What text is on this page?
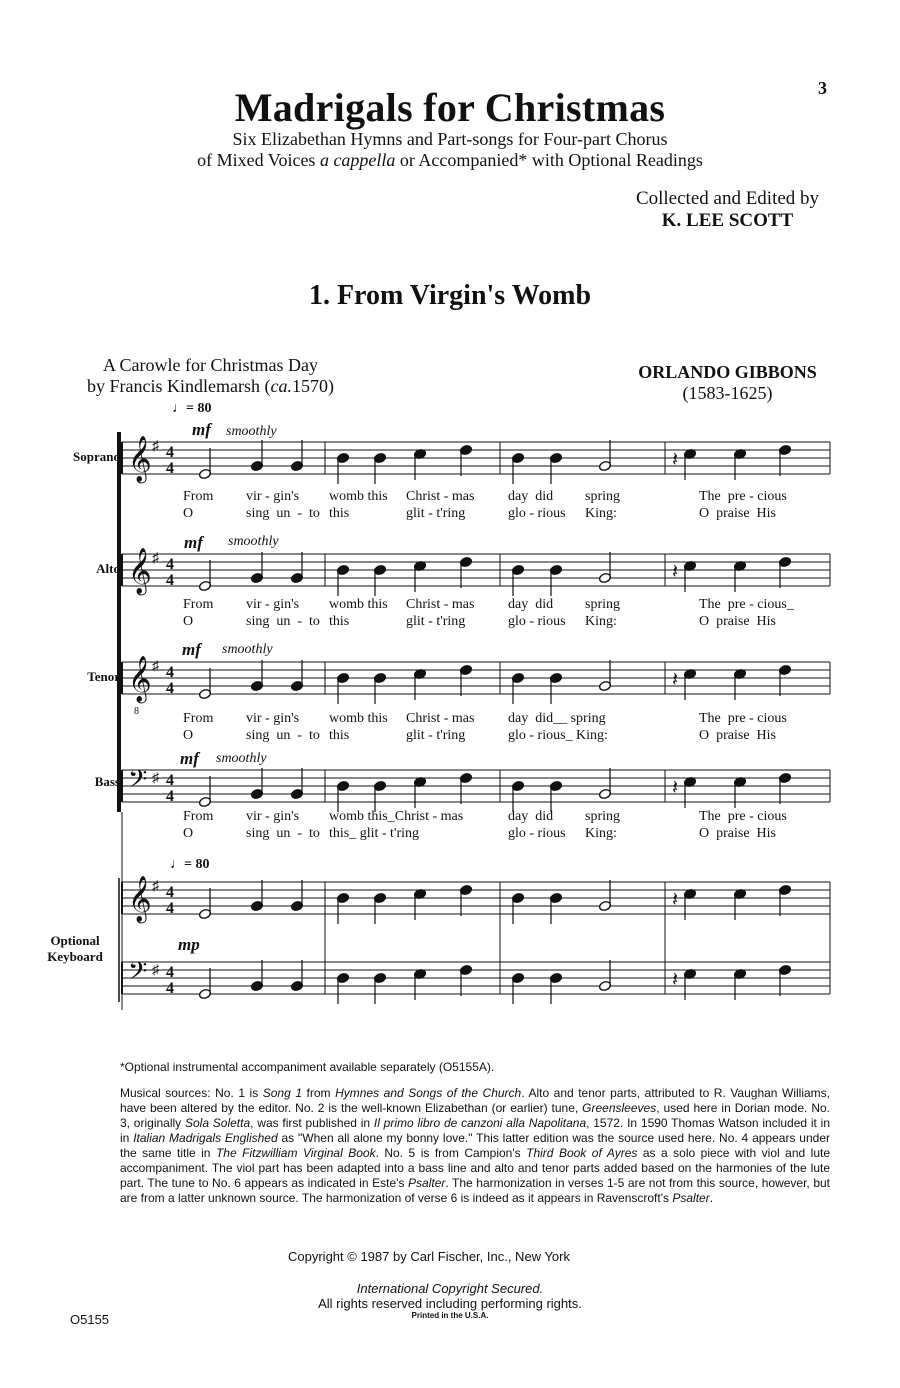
3
Madrigals for Christmas
Six Elizabethan Hymns and Part-songs for Four-part Chorus
of Mixed Voices a cappella or Accompanied* with Optional Readings
Collected and Edited by
K. LEE SCOTT
1. From Virgin's Womb
A Carowle for Christmas Day
by Francis Kindlemarsh (ca.1570)
ORLANDO GIBBONS
(1583-1625)
𝄞 ♯ 4
4	𝄽
𝄞 ♯ 4
4	𝄽
𝄞 ♯ 4
4
8
𝄽
𝄢 ♯ 4
4	𝄽
𝄞 ♯ 4
4	𝄽
𝄢 ♯ 4
4	𝄽
Soprano
Alto
Tenor
Bass
Optional
Keyboard
♩= 80
♩= 80
mf smoothly
mf smoothly
mf smoothly
mf smoothly
mp
From vir - gin's womb this Christ - mas day  did spring	The  pre - cious
O	sing  un  -  to this	glit - t'ring	glo - rious King:	O  praise  His
From vir - gin's womb this Christ - mas day  did spring	The  pre - cious_
O	sing  un  -  to this	glit - t'ring	glo - rious King:	O  praise  His
From vir - gin's womb this Christ - mas day  did__ spring	The  pre - cious
O	sing  un  -  to this	glit - t'ring	glo - rious_ King:	O  praise  His
From vir - gin's womb this_Christ - mas	day  did spring	The  pre - cious
O	sing  un  -  to this_ glit - t'ring	glo - rious King:	O  praise  His
*Optional instrumental accompaniment available separately (O5155A).
Musical sources: No. 1 is Song 1 from Hymnes and Songs of the Church. Alto and tenor parts, attributed to R. Vaughan Williams, have been altered by the editor. No. 2 is the well-known Elizabethan (or earlier) tune, Greensleeves, used here in Dorian mode. No. 3, originally Sola Soletta, was first published in Il primo libro de canzoni alla Napolitana, 1572. In 1590 Thomas Watson included it in in Italian Madrigals Englished as "When all alone my bonny love." This latter edition was the source used here. No. 4 appears under the same title in The Fitzwilliam Virginal Book. No. 5 is from Campion's Third Book of Ayres as a solo piece with viol and lute accompaniment. The viol part has been adapted into a bass line and alto and tenor parts added based on the harmonies of the lute part. The tune to No. 6 appears as indicated in Este's Psalter. The harmonization in verses 1-5 are not from this source, however, but are from a latter unknown source. The harmonization of verse 6 is indeed as it appears in Ravenscroft's Psalter.
Copyright © 1987 by Carl Fischer, Inc., New York
International Copyright Secured.
All rights reserved including performing rights.
Printed in the U.S.A.
O5155
